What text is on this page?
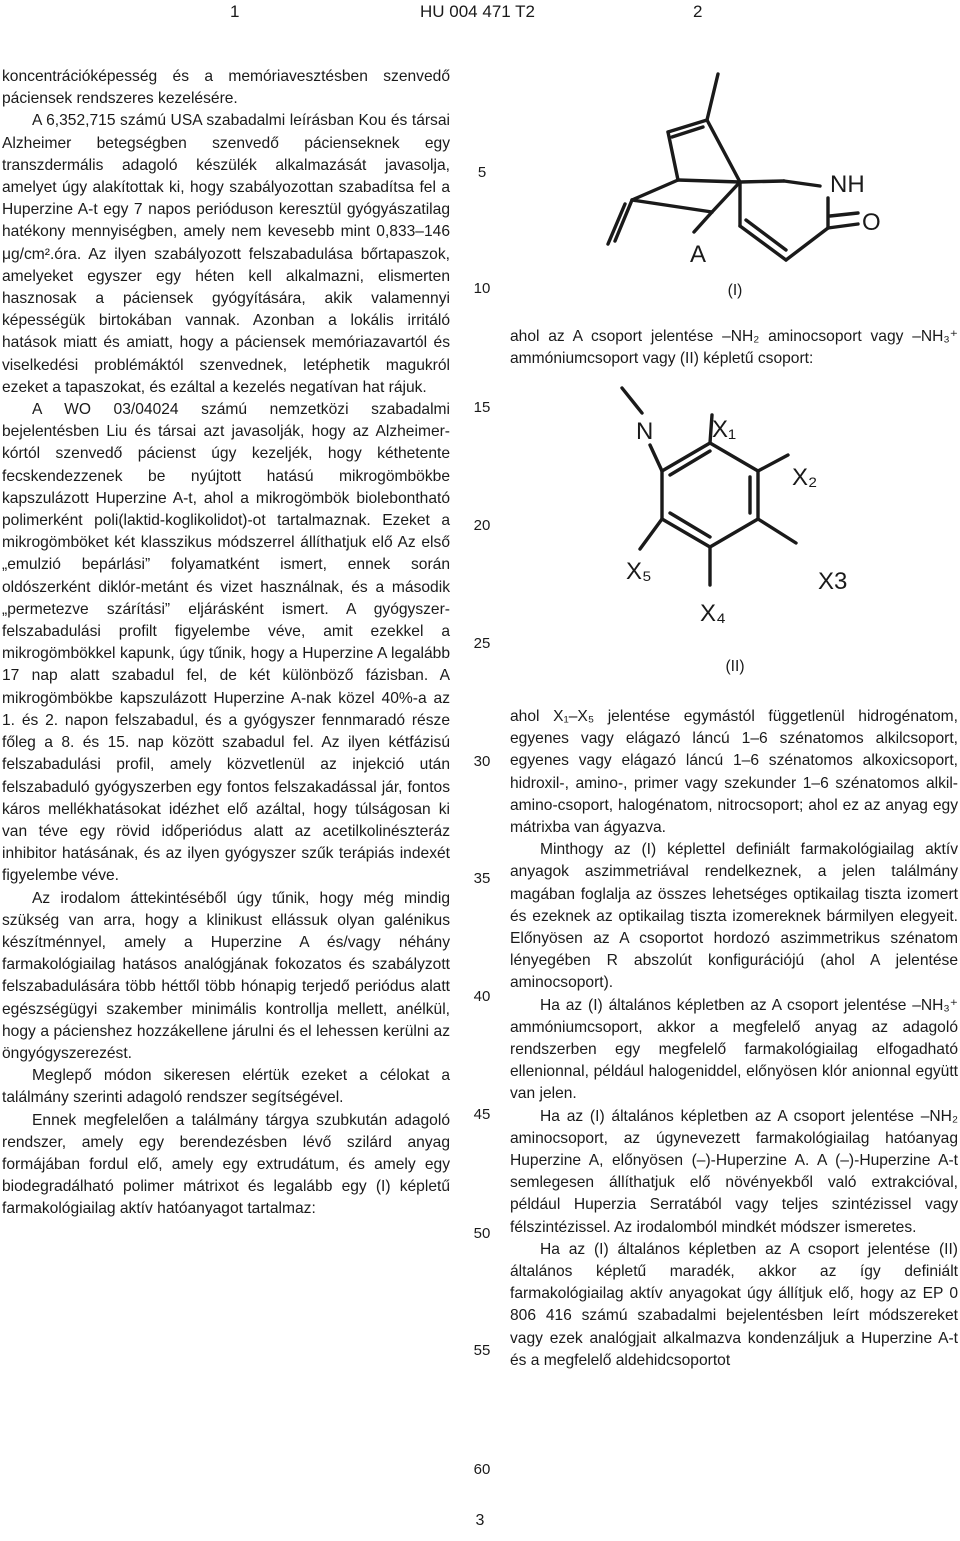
1	HU 004 471 T2	2

koncentrációképesség és a memóriavesztésben szenvedő páciensek rendszeres kezelésére.

A 6,352,715 számú USA szabadalmi leírásban Kou és társai Alzheimer betegségben szenvedő pácienseknek egy transzdermális adagoló készülék alkalmazását javasolja, amelyet úgy alakítottak ki, hogy szabályozottan szabadítsa fel a Huperzine A-t egy 7 napos perióduson keresztül gyógyászatilag hatékony mennyiségben, amely nem kevesebb mint 0,833–146 μg/cm².óra. Az ilyen szabályozott felszabadulása bőrtapaszok, amelyeket egyszer egy héten kell alkalmazni, elismerten hasznosak a páciensek gyógyítására, akik valamennyi képességük birtokában vannak. Azonban a lokális irritáló hatások miatt és amiatt, hogy a páciensek memóriazavartól és viselkedési problémáktól szenvednek, letéphetik magukról ezeket a tapaszokat, és ezáltal a kezelés negatívan hat rájuk.

A WO 03/04024 számú nemzetközi szabadalmi bejelentésben Liu és társai azt javasolják, hogy az Alzheimer-kórtól szenvedő pácienst úgy kezeljék, hogy kéthetente fecskendezzenek be nyújtott hatású mikrogömbökbe kapszulázott Huperzine A-t, ahol a mikrogömbök biolebontható polimerként poli(laktid-koglikolidot)-ot tartalmaznak. Ezeket a mikrogömböket két klasszikus módszerrel állíthatjuk elő Az első „emulzió bepárlási” folyamatként ismert, ennek során oldószerként diklór-metánt és vizet használnak, és a második „permetezve szárítási” eljárásként ismert. A gyógyszer-felszabadulási profilt figyelembe véve, amit ezekkel a mikrogömbökkel kapunk, úgy tűnik, hogy a Huperzine A legalább 17 nap alatt szabadul fel, de két különböző fázisban. A mikrogömbökbe kapszulázott Huperzine A-nak közel 40%-a az 1. és 2. napon felszabadul, és a gyógyszer fennmaradó része főleg a 8. és 15. nap között szabadul fel. Az ilyen kétfázisú felszabadulási profil, amely közvetlenül az injekció után felszabaduló gyógyszerben egy fontos felszakadással jár, fontos káros mellékhatásokat idézhet elő azáltal, hogy túlságosan ki van téve egy rövid időperiódus alatt az acetilkolinészteráz inhibitor hatásának, és az ilyen gyógyszer szűk terápiás indexét figyelembe véve.

Az irodalom áttekintéséből úgy tűnik, hogy még mindig szükség van arra, hogy a klinikust ellássuk olyan galénikus készítménnyel, amely a Huperzine A és/vagy néhány farmakológiailag hatásos analógjának fokozatos és szabályzott felszabadulására több héttől több hónapig terjedő periódus alatt egészségügyi szakember minimális kontrollja mellett, anélkül, hogy a pácienshez hozzákellene járulni és el lehessen kerülni az öngyógyszerezést.

Meglepő módon sikeresen elértük ezeket a célokat a találmány szerinti adagoló rendszer segítségével.

Ennek megfelelően a találmány tárgya szubkután adagoló rendszer, amely egy berendezésben lévő szilárd anyag formájában fordul elő, amely egy extrudátum, és amely egy biodegradálható polimer mátrixot és legalább egy (I) képletű farmakológiailag aktív hatóanyagot tartalmaz:

5
10
15
20
25
30
35
40
45
50
55
60
NH
O
A
(I)
ahol az A csoport jelentése –NH₂ aminocsoport vagy –NH₃⁺ ammóniumcsoport vagy (II) képletű csoport:
N X₁
X₂
X3
X₄
X₅
(II)

ahol X₁–X₅ jelentése egymástól függetlenül hidrogénatom, egyenes vagy elágazó láncú 1–6 szénatomos alkilcsoport, egyenes vagy elágazó láncú 1–6 szénatomos alkoxicsoport, hidroxil-, amino-, primer vagy szekunder 1–6 szénatomos alkil-amino-csoport, halogénatom, nitrocsoport; ahol ez az anyag egy mátrixba van ágyazva.

Minthogy az (I) képlettel definiált farmakológiailag aktív anyagok aszimmetriával rendelkeznek, a jelen találmány magában foglalja az összes lehetséges optikailag tiszta izomert és ezeknek az optikailag tiszta izomereknek bármilyen elegyeit. Előnyösen az A csoportot hordozó aszimmetrikus szénatom lényegében R abszolút konfigurációjú (ahol A jelentése aminocsoport).

Ha az (I) általános képletben az A csoport jelentése –NH₃⁺ ammóniumcsoport, akkor a megfelelő anyag az adagoló rendszerben egy megfelelő farmakológiailag elfogadható ellenionnal, például halogeniddel, előnyösen klór anionnal együtt van jelen.

Ha az (I) általános képletben az A csoport jelentése –NH₂ aminocsoport, az úgynevezett farmakológiailag hatóanyag Huperzine A, előnyösen (–)-Huperzine A. A (–)-Huperzine A-t semlegesen állíthatjuk elő növényekből való extrakcióval, például Huperzia Serratából vagy teljes szintézissel vagy félszintézissel. Az irodalomból mindkét módszer ismeretes.

Ha az (I) általános képletben az A csoport jelentése (II) általános képletű maradék, akkor az így definiált farmakológiailag aktív anyagokat úgy állítjuk elő, hogy az EP 0 806 416 számú szabadalmi bejelentésben leírt módszereket vagy ezek analógjait alkalmazva kondenzáljuk a Huperzine A-t és a megfelelő aldehidcsoportot

3
